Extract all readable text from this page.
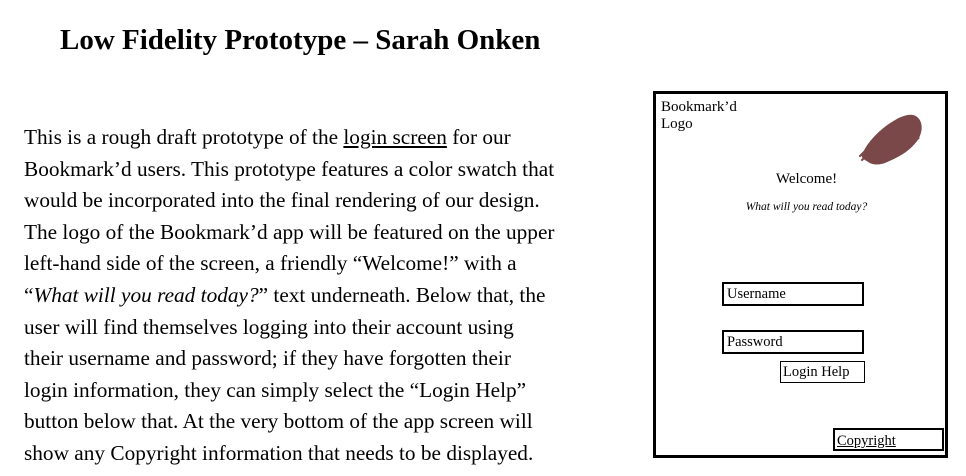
Low Fidelity Prototype – Sarah Onken

This is a rough draft prototype of the login screen for our
Bookmark’d users. This prototype features a color swatch that
would be incorporated into the final rendering of our design.
The logo of the Bookmark’d app will be featured on the upper
left-hand side of the screen, a friendly “Welcome!” with a
“What will you read today?” text underneath. Below that, the
user will find themselves logging into their account using
their username and password; if they have forgotten their
login information, they can simply select the “Login Help”
button below that. At the very bottom of the app screen will
show any Copyright information that needs to be displayed.

Bookmark’d
Logo
Welcome!
What will you read today?
Username
Password
Login Help
Copyright
